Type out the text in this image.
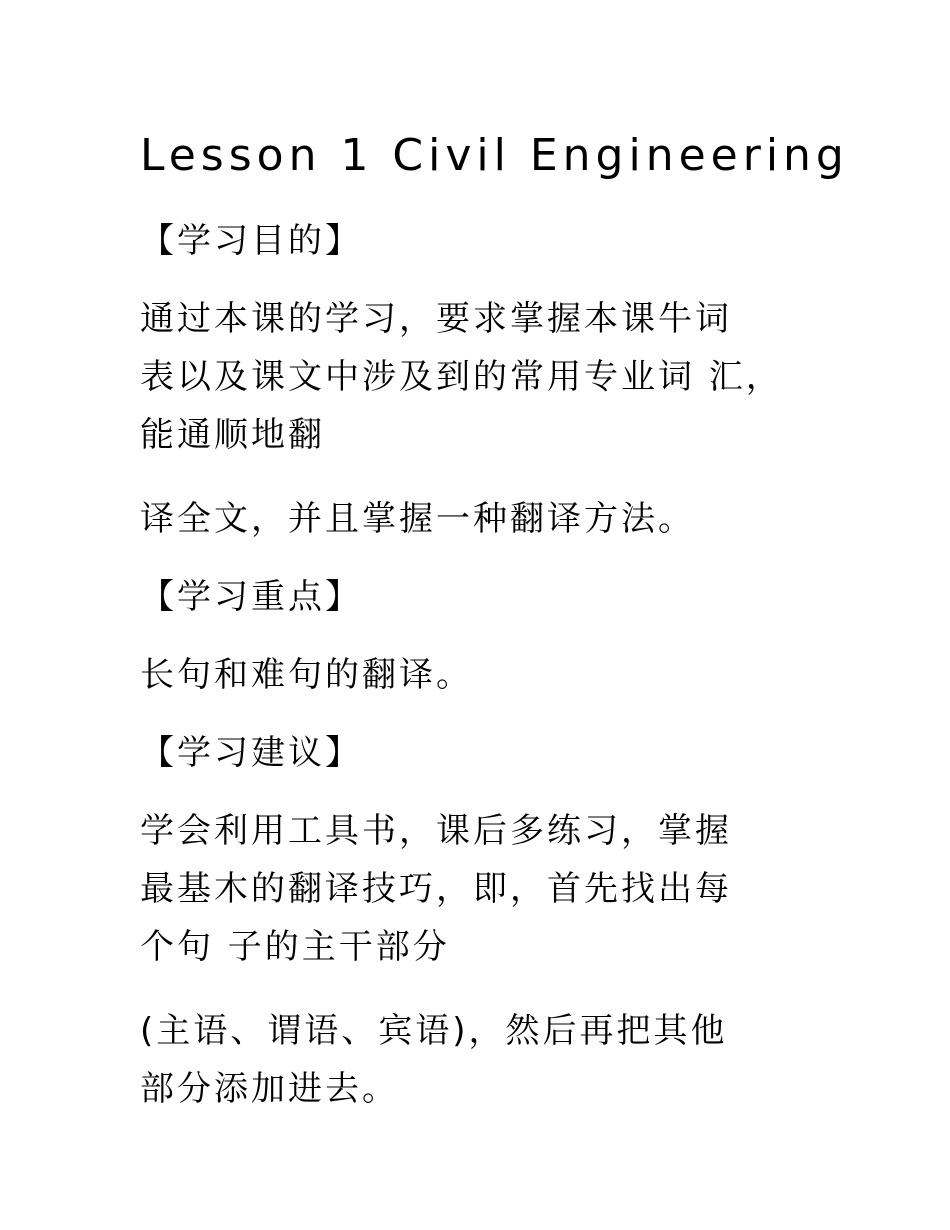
Lesson 1 Civil Engineering

【学习目的】

通过本课的学习，要求掌握本课牛词
表以及课文中涉及到的常用专业词 汇，
能通顺地翻

译全文，并且掌握一种翻译方法。

【学习重点】

长句和难句的翻译。

【学习建议】

学会利用工具书，课后多练习，掌握
最基木的翻译技巧，即，首先找出每
个句 子的主干部分

(主语、谓语、宾语)，然后再把其他
部分添加进去。
